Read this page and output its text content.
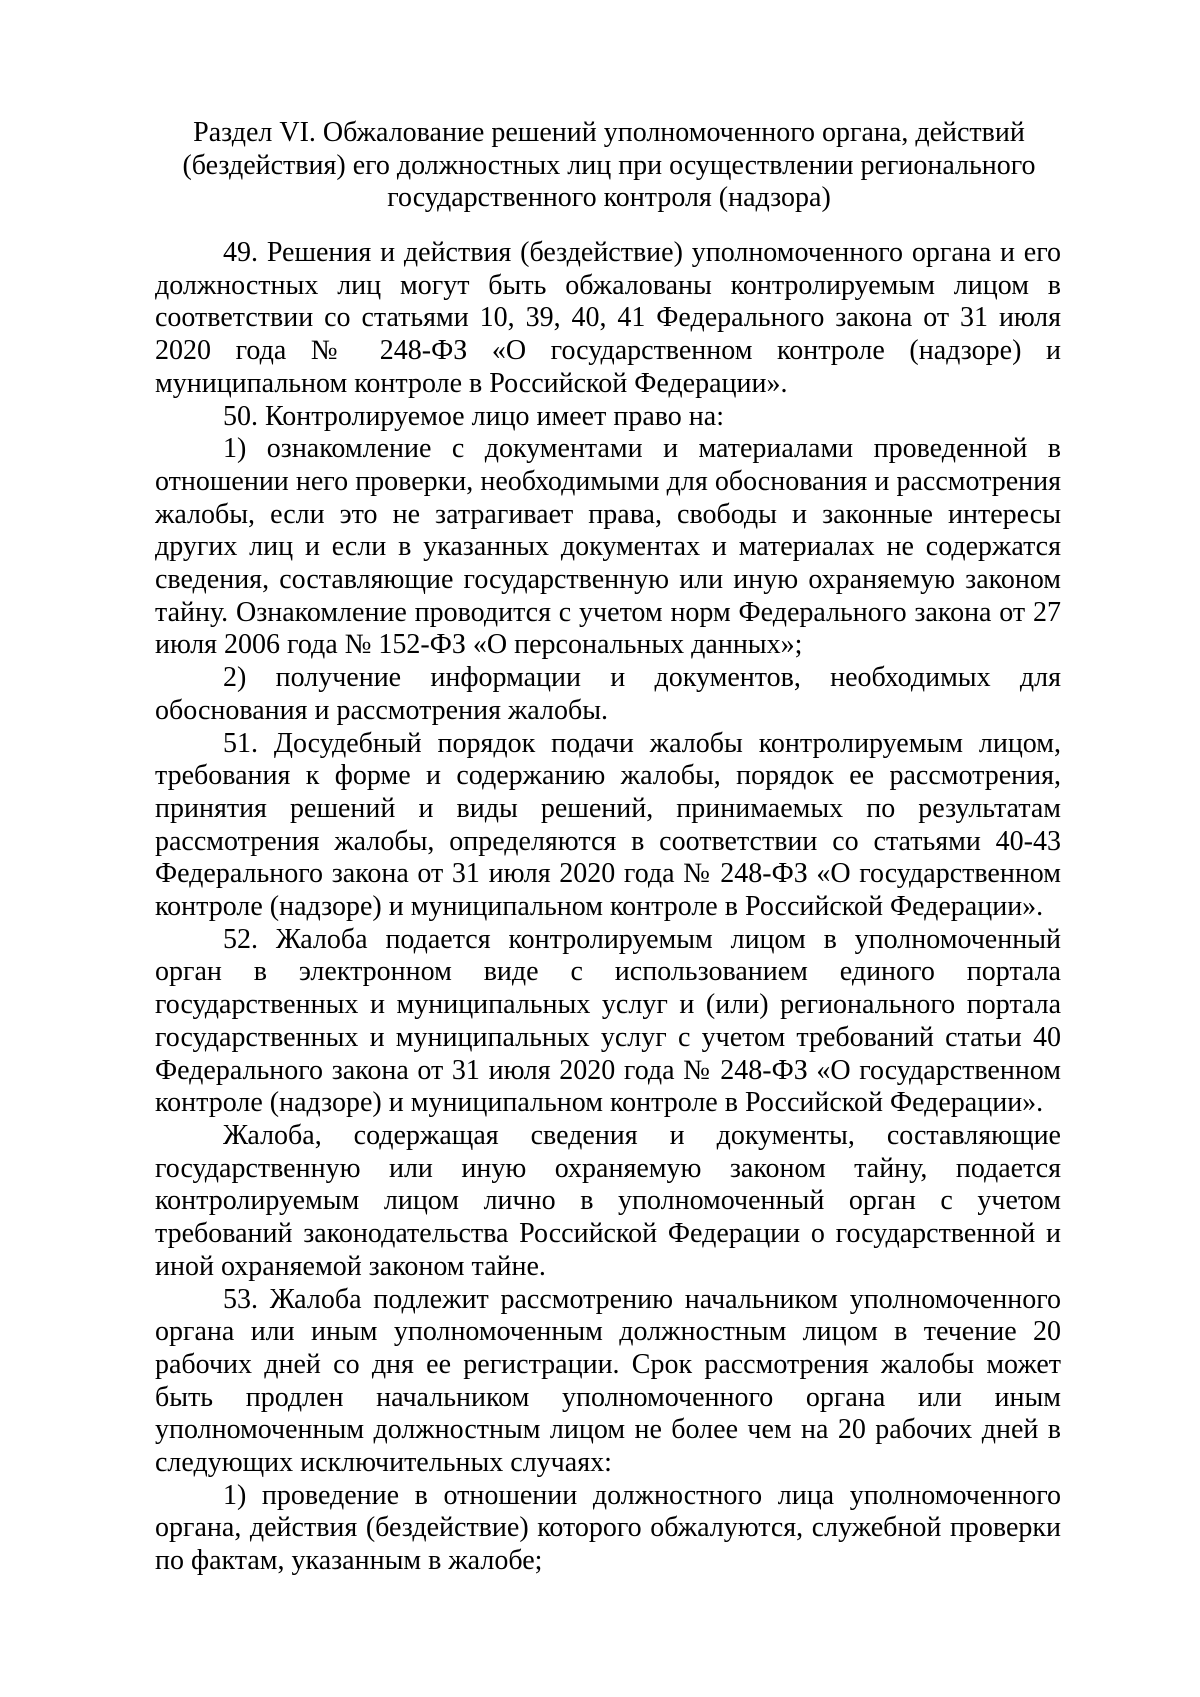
Раздел VI. Обжалование решений уполномоченного органа, действий (бездействия) его должностных лиц при осуществлении регионального государственного контроля (надзора)

49. Решения и действия (бездействие) уполномоченного органа и его должностных лиц могут быть обжалованы контролируемым лицом в соответствии со статьями 10, 39, 40, 41 Федерального закона от 31 июля 2020 года № 248-ФЗ «О государственном контроле (надзоре) и муниципальном контроле в Российской Федерации».

50. Контролируемое лицо имеет право на:

1) ознакомление с документами и материалами проведенной в отношении него проверки, необходимыми для обоснования и рассмотрения жалобы, если это не затрагивает права, свободы и законные интересы других лиц и если в указанных документах и материалах не содержатся сведения, составляющие государственную или иную охраняемую законом тайну. Ознакомление проводится с учетом норм Федерального закона от 27 июля 2006 года № 152-ФЗ «О персональных данных»;

2) получение информации и документов, необходимых для обоснования и рассмотрения жалобы.

51. Досудебный порядок подачи жалобы контролируемым лицом, требования к форме и содержанию жалобы, порядок ее рассмотрения, принятия решений и виды решений, принимаемых по результатам рассмотрения жалобы, определяются в соответствии со статьями 40-43 Федерального закона от 31 июля 2020 года № 248-ФЗ «О государственном контроле (надзоре) и муниципальном контроле в Российской Федерации».

52. Жалоба подается контролируемым лицом в уполномоченный орган в электронном виде с использованием единого портала государственных и муниципальных услуг и (или) регионального портала государственных и муниципальных услуг с учетом требований статьи 40 Федерального закона от 31 июля 2020 года № 248-ФЗ «О государственном контроле (надзоре) и муниципальном контроле в Российской Федерации».

Жалоба, содержащая сведения и документы, составляющие государственную или иную охраняемую законом тайну, подается контролируемым лицом лично в уполномоченный орган с учетом требований законодательства Российской Федерации о государственной и иной охраняемой законом тайне.

53. Жалоба подлежит рассмотрению начальником уполномоченного органа или иным уполномоченным должностным лицом в течение 20 рабочих дней со дня ее регистрации. Срок рассмотрения жалобы может быть продлен начальником уполномоченного органа или иным уполномоченным должностным лицом не более чем на 20 рабочих дней в следующих исключительных случаях:

1) проведение в отношении должностного лица уполномоченного органа, действия (бездействие) которого обжалуются, служебной проверки по фактам, указанным в жалобе;
